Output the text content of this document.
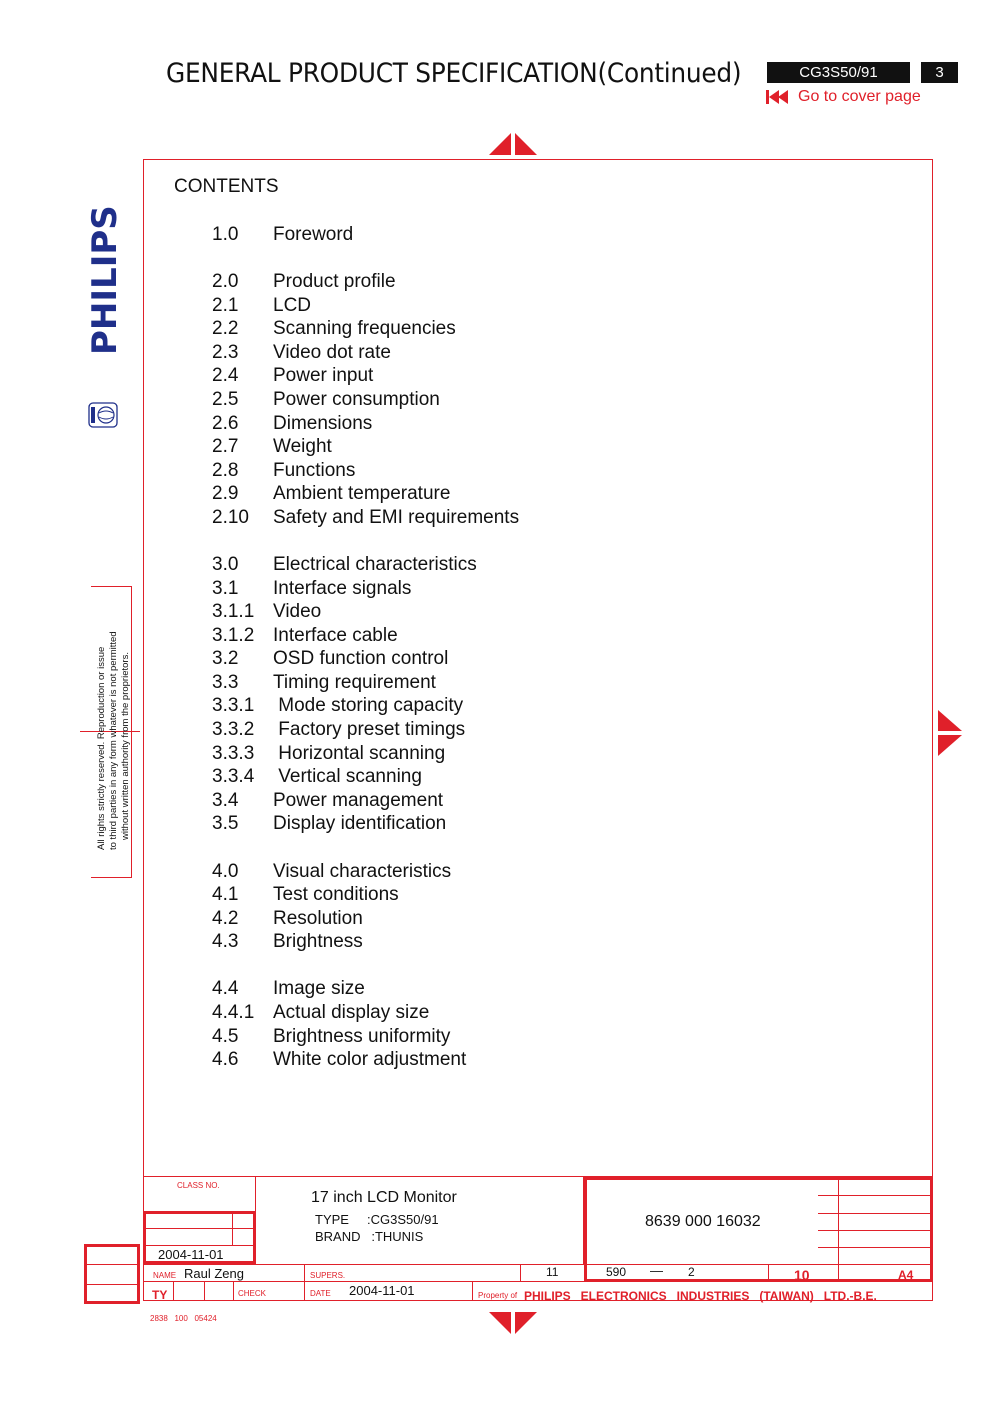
GENERAL PRODUCT SPECIFICATION(Continued)	CG3S50/91	3
Go to cover page
PHILIPS
All rights strictly reserved. Reproduction or issue to third parties in any form whatever is not permitted without written authority from the proprietors.
CONTENTS
1.0 Foreword
2.0 Product profile
2.1 LCD
2.2 Scanning frequencies
2.3 Video dot rate
2.4 Power input
2.5 Power consumption
2.6 Dimensions
2.7 Weight
2.8 Functions
2.9 Ambient temperature
2.10 Safety and EMI requirements
3.0 Electrical characteristics
3.1 Interface signals
3.1.1 Video
3.1.2 Interface cable
3.2 OSD function control
3.3 Timing requirement
3.3.1 Mode storing capacity
3.3.2 Factory preset timings
3.3.3 Horizontal scanning
3.3.4 Vertical scanning
3.4 Power management
3.5 Display identification
4.0 Visual characteristics
4.1 Test conditions
4.2 Resolution
4.3 Brightness
4.4 Image size
4.4.1 Actual display size
4.5 Brightness uniformity
4.6 White color adjustment
CLASS NO.
17 inch LCD Monitor
TYPE     :CG3S50/91
BRAND   :THUNIS
8639 000 16032
2004-11-01
NAME Raul Zeng	SUPERS.	11	590 — 2	10	A4
TY	CHECK	DATE 2004-11-01	Property of PHILIPS   ELECTRONICS   INDUSTRIES   (TAIWAN)   LTD.-B.E.
2838   100   05424
